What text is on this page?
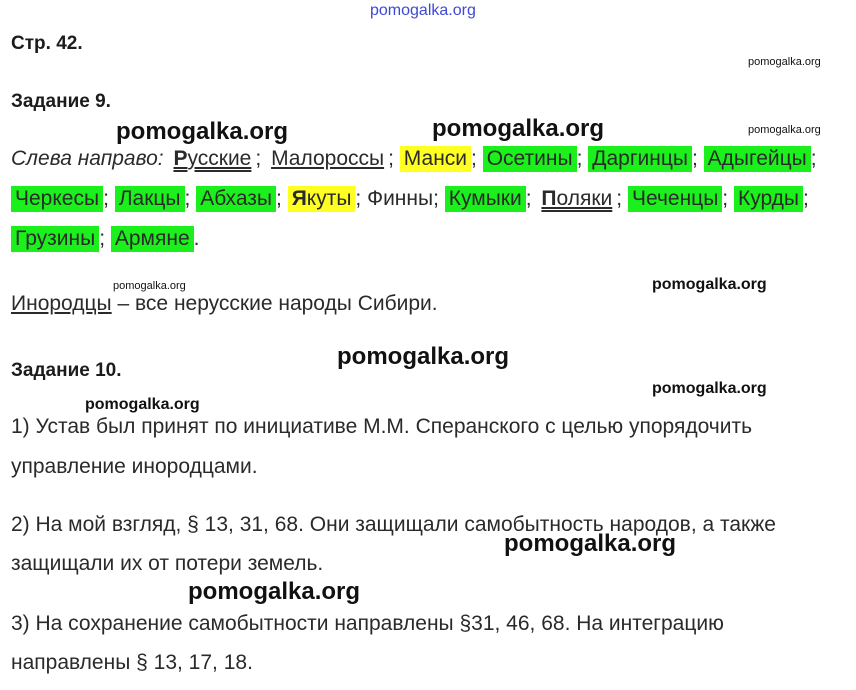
pomogalka.org
Стр. 42.
pomogalka.org
Задание 9.
pomogalka.org	pomogalka.org	pomogalka.org
Слева направо: Русские ; Малороссы ; Манси ; Осетины ; Даргинцы ; Адыгейцы ;
Черкесы ; Лакцы ; Абхазы ; Якуты ; Финны; Кумыки ; Поляки ; Чеченцы ; Курды ;
Грузины ; Армяне .
pomogalka.org	pomogalka.org
Инородцы – все нерусские народы Сибири.
pomogalka.org
Задание 10.
pomogalka.org
pomogalka.org
1) Устав был принят по инициативе М.М. Сперанского с целью упорядочить
управление инородцами.
2) На мой взгляд, § 13, 31, 68. Они защищали самобытность народов, а также
pomogalka.org
защищали их от потери земель.
pomogalka.org
3) На сохранение самобытности направлены §31, 46, 68. На интеграцию
направлены § 13, 17, 18.
